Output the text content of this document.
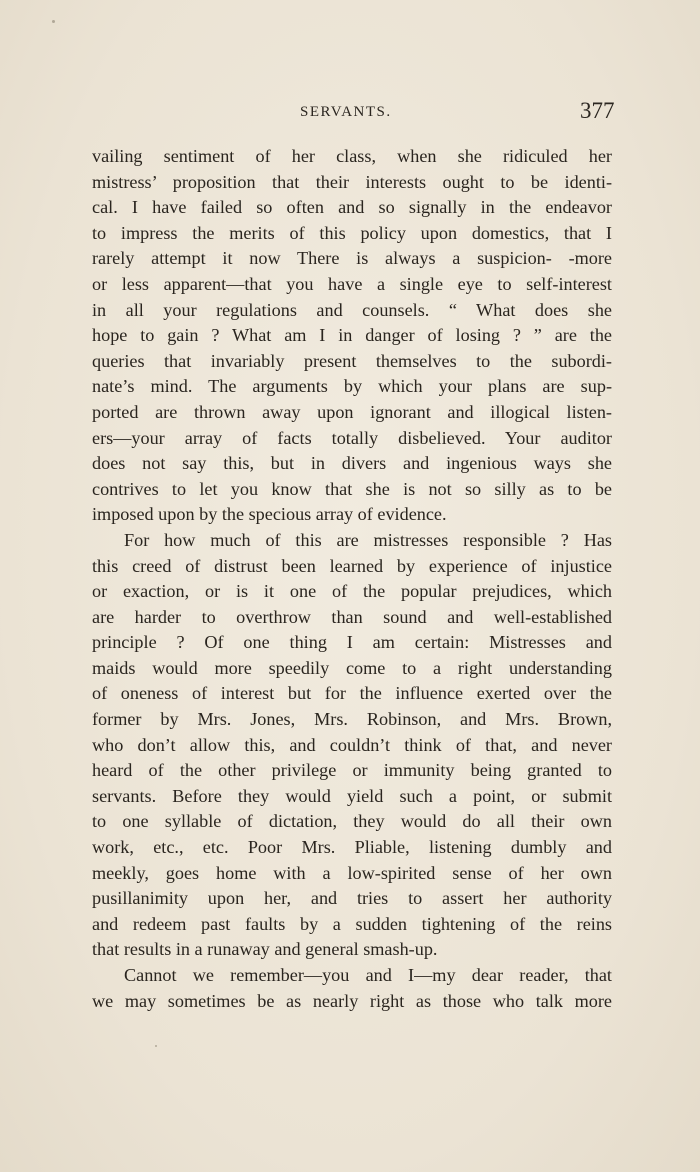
SERVANTS.	377
vailing sentiment of her class, when she ridiculed her
mistress’ proposition that their interests ought to be identi-
cal. I have failed so often and so signally in the endeavor
to impress the merits of this policy upon domestics, that I
rarely attempt it now There is always a suspicion- -more
or less apparent—that you have a single eye to self-interest
in all your regulations and counsels. “ What does she
hope to gain ? What am I in danger of losing ? ” are the
queries that invariably present themselves to the subordi-
nate’s mind. The arguments by which your plans are sup-
ported are thrown away upon ignorant and illogical listen-
ers—your array of facts totally disbelieved. Your auditor
does not say this, but in divers and ingenious ways she
contrives to let you know that she is not so silly as to be
imposed upon by the specious array of evidence.
For how much of this are mistresses responsible ? Has
this creed of distrust been learned by experience of injustice
or exaction, or is it one of the popular prejudices, which
are harder to overthrow than sound and well-established
principle ? Of one thing I am certain: Mistresses and
maids would more speedily come to a right understanding
of oneness of interest but for the influence exerted over the
former by Mrs. Jones, Mrs. Robinson, and Mrs. Brown,
who don’t allow this, and couldn’t think of that, and never
heard of the other privilege or immunity being granted to
servants. Before they would yield such a point, or submit
to one syllable of dictation, they would do all their own
work, etc., etc. Poor Mrs. Pliable, listening dumbly and
meekly, goes home with a low-spirited sense of her own
pusillanimity upon her, and tries to assert her authority
and redeem past faults by a sudden tightening of the reins
that results in a runaway and general smash-up.
Cannot we remember—you and I—my dear reader, that
we may sometimes be as nearly right as those who talk more
